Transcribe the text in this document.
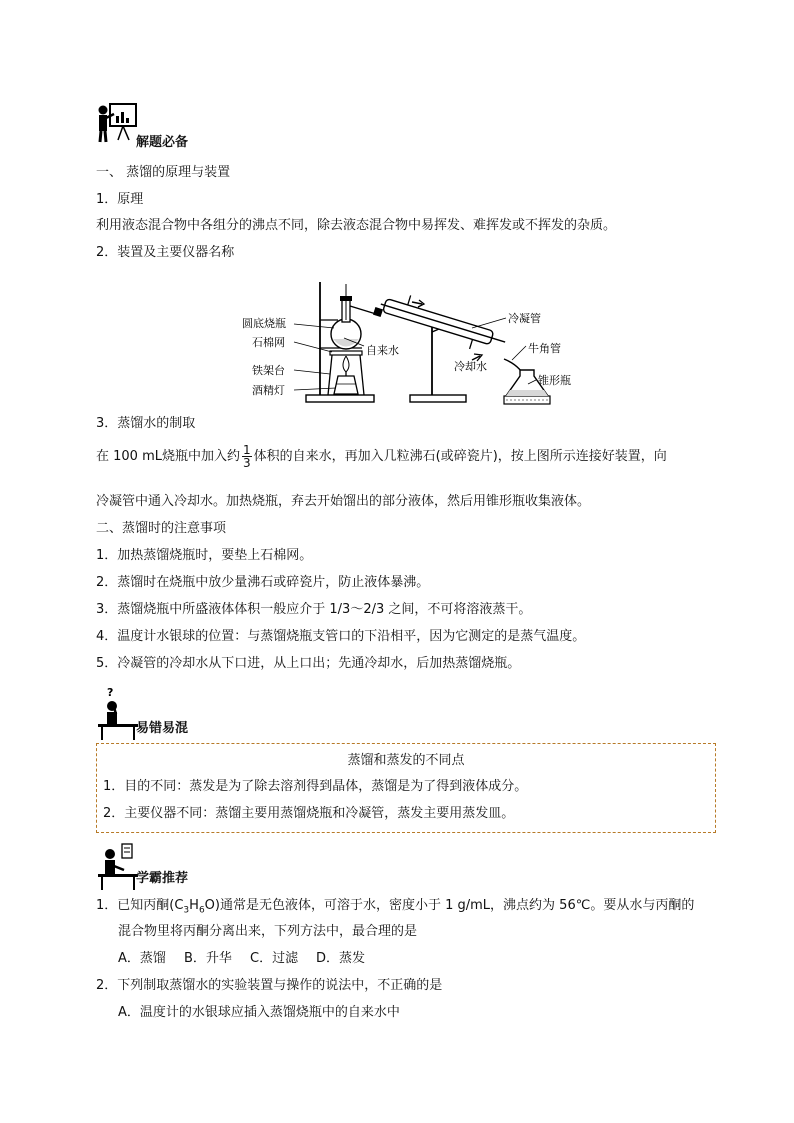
解题必备
一、 蒸馏的原理与装置
1．原理
利用液态混合物中各组分的沸点不同，除去液态混合物中易挥发、难挥发或不挥发的杂质。
2．装置及主要仪器名称
圆底烧瓶
石棉网
铁架台
酒精灯
自来水
冷凝管
牛角管
冷却水
锥形瓶
3．蒸馏水的制取
在 100 mL烧瓶中加入约 $\frac{1}{3}$ 体积的自来水，再加入几粒沸石(或碎瓷片)，按上图所示连接好装置，向
冷凝管中通入冷却水。加热烧瓶，弃去开始馏出的部分液体，然后用锥形瓶收集液体。
二、蒸馏时的注意事项
1．加热蒸馏烧瓶时，要垫上石棉网。
2．蒸馏时在烧瓶中放少量沸石或碎瓷片，防止液体暴沸。
3．蒸馏烧瓶中所盛液体体积一般应介于 1/3～2/3 之间，不可将溶液蒸干。
4．温度计水银球的位置：与蒸馏烧瓶支管口的下沿相平，因为它测定的是蒸气温度。
5．冷凝管的冷却水从下口进，从上口出；先通冷却水，后加热蒸馏烧瓶。
?
易错易混
蒸馏和蒸发的不同点
1．目的不同：蒸发是为了除去溶剂得到晶体，蒸馏是为了得到液体成分。
2．主要仪器不同：蒸馏主要用蒸馏烧瓶和冷凝管，蒸发主要用蒸发皿。
学霸推荐
1．已知丙酮$(C_3H_6O)$通常是无色液体，可溶于水，密度小于 1 g/mL，沸点约为 56℃。要从水与丙酮的
混合物里将丙酮分离出来，下列方法中，最合理的是
A．蒸馏 B．升华 C．过滤 D．蒸发
2．下列制取蒸馏水的实验装置与操作的说法中，不正确的是
A．温度计的水银球应插入蒸馏烧瓶中的自来水中
